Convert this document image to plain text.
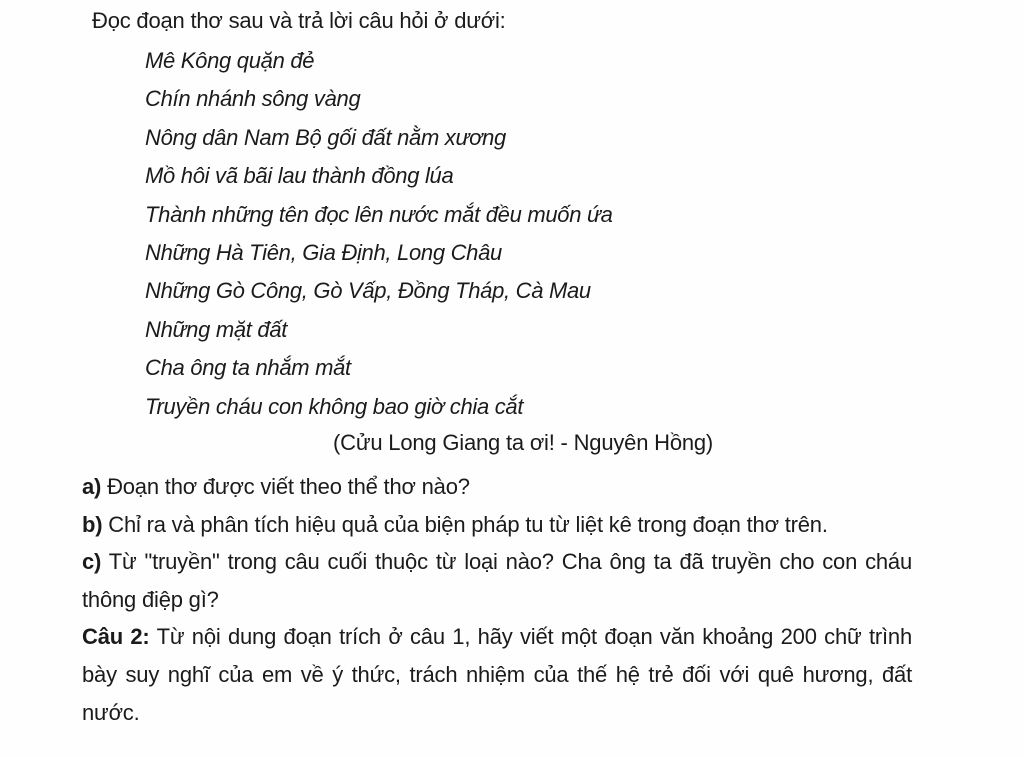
Đọc đoạn thơ sau và trả lời câu hỏi ở dưới:
Mê Kông quặn đẻ
Chín nhánh sông vàng
Nông dân Nam Bộ gối đất nằm xương
Mồ hôi vã bãi lau thành đồng lúa
Thành những tên đọc lên nước mắt đều muốn ứa
Những Hà Tiên, Gia Định, Long Châu
Những Gò Công, Gò Vấp, Đồng Tháp, Cà Mau
Những mặt đất
Cha ông ta nhắm mắt
Truyền cháu con không bao giờ chia cắt
(Cửu Long Giang ta ơi! - Nguyên Hồng)

a) Đoạn thơ được viết theo thể thơ nào?

b) Chỉ ra và phân tích hiệu quả của biện pháp tu từ liệt kê trong đoạn thơ trên.

c) Từ "truyền" trong câu cuối thuộc từ loại nào? Cha ông ta đã truyền cho con cháu thông điệp gì?

Câu 2: Từ nội dung đoạn trích ở câu 1, hãy viết một đoạn văn khoảng 200 chữ trình bày suy nghĩ của em về ý thức, trách nhiệm của thế hệ trẻ đối với quê hương, đất nước.
